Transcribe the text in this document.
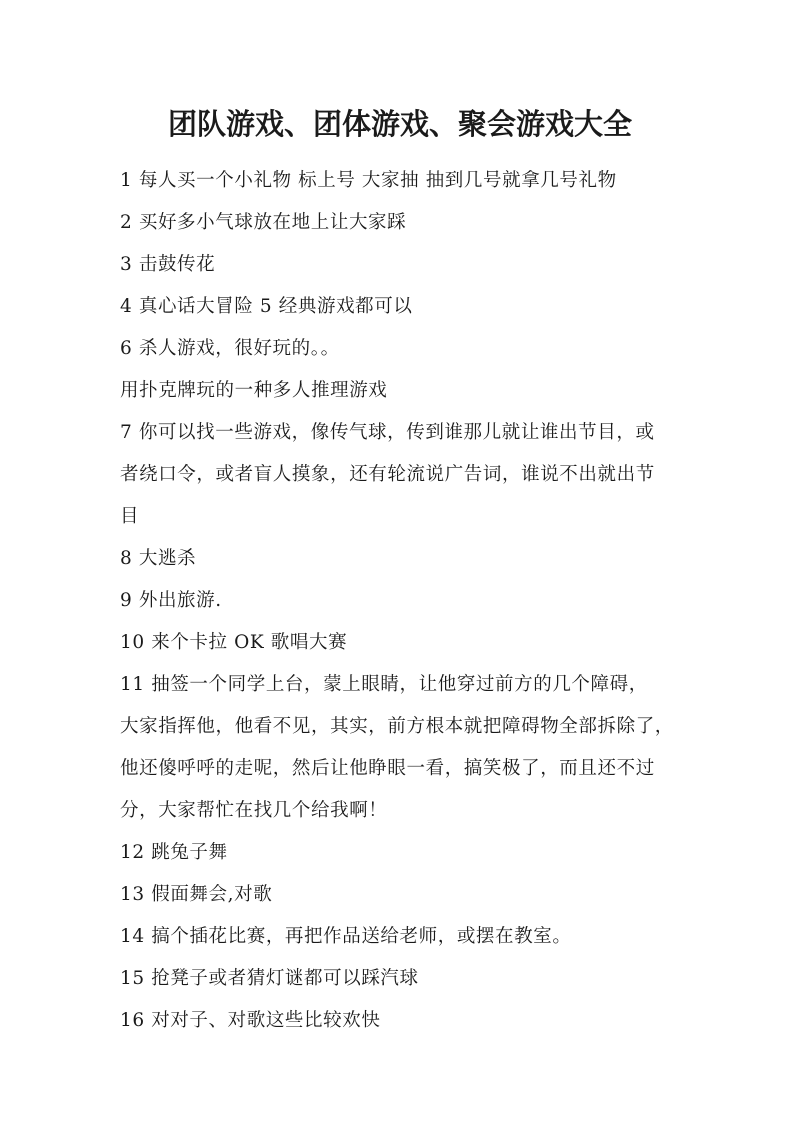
团队游戏、团体游戏、聚会游戏大全
1 每人买一个小礼物 标上号 大家抽 抽到几号就拿几号礼物
2 买好多小气球放在地上让大家踩
3 击鼓传花
4 真心话大冒险 5 经典游戏都可以
6 杀人游戏，很好玩的。。
用扑克牌玩的一种多人推理游戏
7 你可以找一些游戏，像传气球，传到谁那儿就让谁出节目，或
者绕口令，或者盲人摸象，还有轮流说广告词，谁说不出就出节
目
8 大逃杀
9 外出旅游.
10 来个卡拉 OK 歌唱大赛
11 抽签一个同学上台，蒙上眼睛，让他穿过前方的几个障碍，
大家指挥他，他看不见，其实，前方根本就把障碍物全部拆除了，
他还傻呼呼的走呢，然后让他睁眼一看，搞笑极了，而且还不过
分，大家帮忙在找几个给我啊！
12 跳兔子舞
13 假面舞会,对歌
14 搞个插花比赛，再把作品送给老师，或摆在教室。
15 抢凳子或者猜灯谜都可以踩汽球
16 对对子、对歌这些比较欢快
